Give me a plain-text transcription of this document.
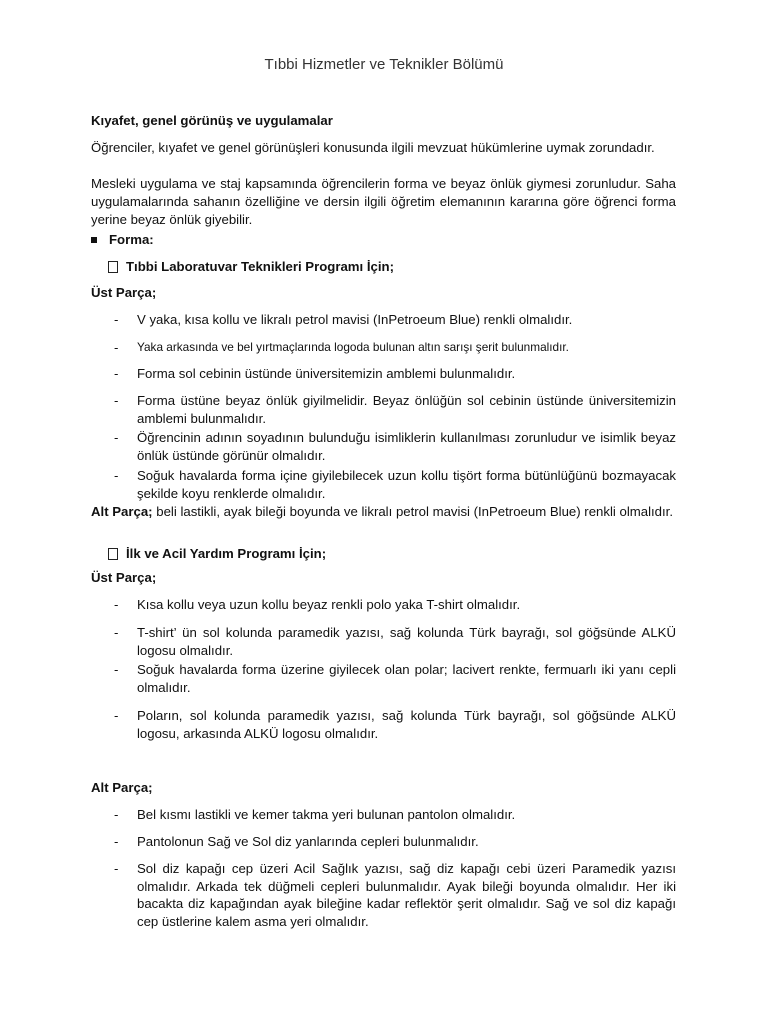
Tıbbi Hizmetler ve Teknikler Bölümü
Kıyafet, genel görünüş ve uygulamalar
Öğrenciler, kıyafet ve genel görünüşleri konusunda ilgili mevzuat hükümlerine uymak zorundadır.
Mesleki uygulama ve staj kapsamında öğrencilerin forma ve beyaz önlük giymesi zorunludur. Saha uygulamalarında sahanın özelliğine ve dersin ilgili öğretim elemanının kararına göre öğrenci forma yerine beyaz önlük giyebilir.
Forma:
Tıbbi Laboratuvar Teknikleri Programı İçin;
Üst Parça;
- V yaka, kısa kollu ve likralı petrol mavisi (InPetroeum Blue) renkli olmalıdır.
- Yaka arkasında ve bel yırtmaçlarında logoda bulunan altın sarışı şerit bulunmalıdır.
- Forma sol cebinin üstünde üniversitemizin amblemi bulunmalıdır.
- Forma üstüne beyaz önlük giyilmelidir. Beyaz önlüğün sol cebinin üstünde üniversitemizin amblemi bulunmalıdır.
- Öğrencinin adının soyadının bulunduğu isimliklerin kullanılması zorunludur ve isimlik beyaz önlük üstünde görünür olmalıdır.
- Soğuk havalarda forma içine giyilebilecek uzun kollu tişört forma bütünlüğünü bozmayacak şekilde koyu renklerde olmalıdır.
Alt Parça; beli lastikli, ayak bileği boyunda ve likralı petrol mavisi (InPetroeum Blue) renkli olmalıdır.
İlk ve Acil Yardım Programı İçin;
Üst Parça;
- Kısa kollu veya uzun kollu beyaz renkli polo yaka T-shirt olmalıdır.
- T-shirt’ ün sol kolunda paramedik yazısı, sağ kolunda Türk bayrağı, sol göğsünde ALKÜ logosu olmalıdır.
- Soğuk havalarda forma üzerine giyilecek olan polar; lacivert renkte, fermuarlı iki yanı cepli olmalıdır.
- Poların, sol kolunda paramedik yazısı, sağ kolunda Türk bayrağı, sol göğsünde ALKÜ logosu, arkasında ALKÜ logosu olmalıdır.
Alt Parça;
- Bel kısmı lastikli ve kemer takma yeri bulunan pantolon olmalıdır.
- Pantolonun Sağ ve Sol diz yanlarında cepleri bulunmalıdır.
- Sol diz kapağı cep üzeri Acil Sağlık yazısı, sağ diz kapağı cebi üzeri Paramedik yazısı olmalıdır. Arkada tek düğmeli cepleri bulunmalıdır. Ayak bileği boyunda olmalıdır. Her iki bacakta diz kapağından ayak bileğine kadar reflektör şerit olmalıdır. Sağ ve sol diz kapağı cep üstlerine kalem asma yeri olmalıdır.
